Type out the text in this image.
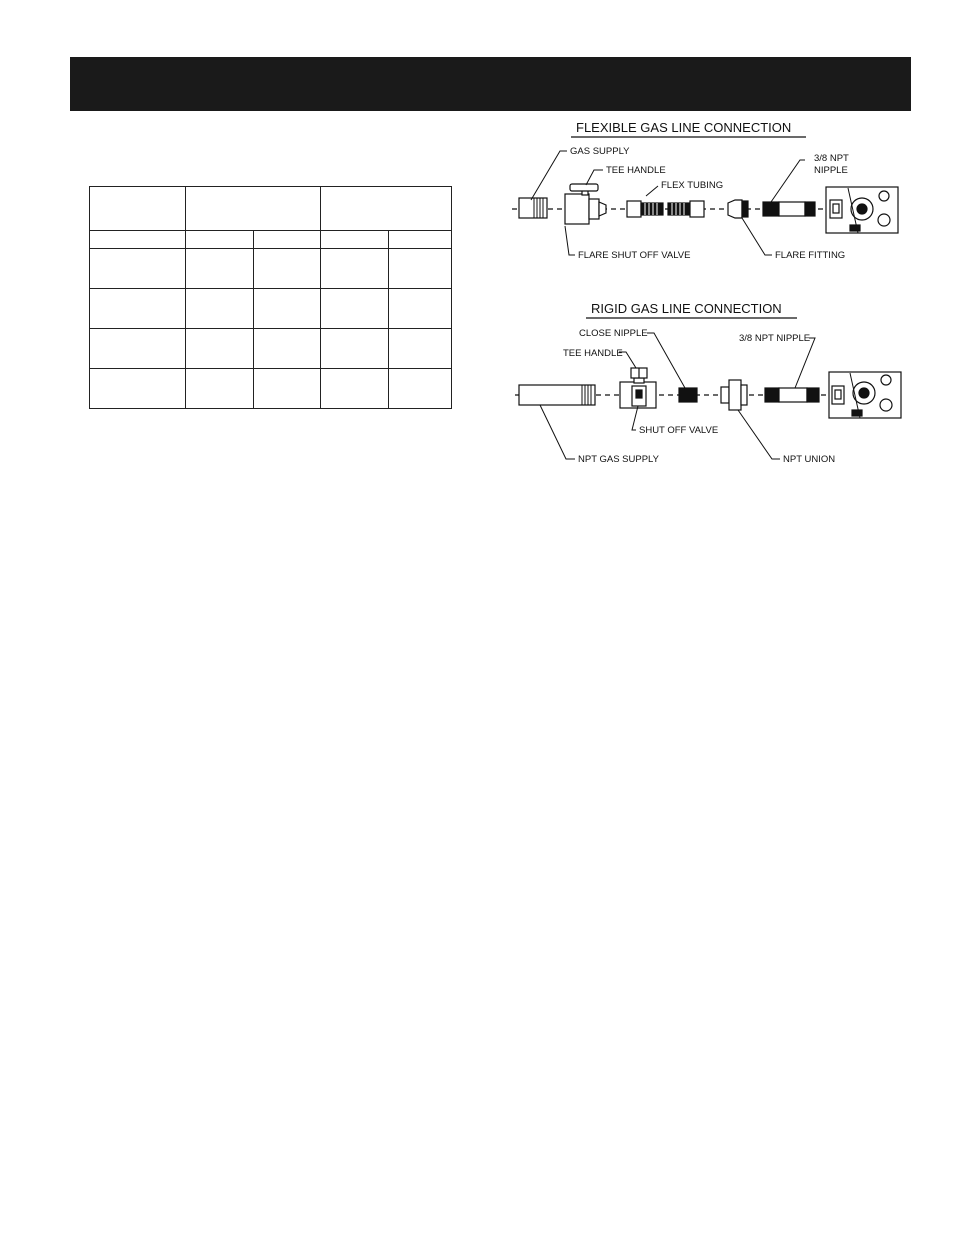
FLEXIBLE GAS LINE CONNECTION
GAS SUPPLY
TEE HANDLE
FLEX TUBING
3/8 NPT
NIPPLE
FLARE SHUT OFF VALVE	FLARE FITTING
RIGID GAS LINE CONNECTION
CLOSE NIPPLE
TEE HANDLE
3/8 NPT NIPPLE
SHUT OFF VALVE
NPT GAS SUPPLY	NPT UNION
